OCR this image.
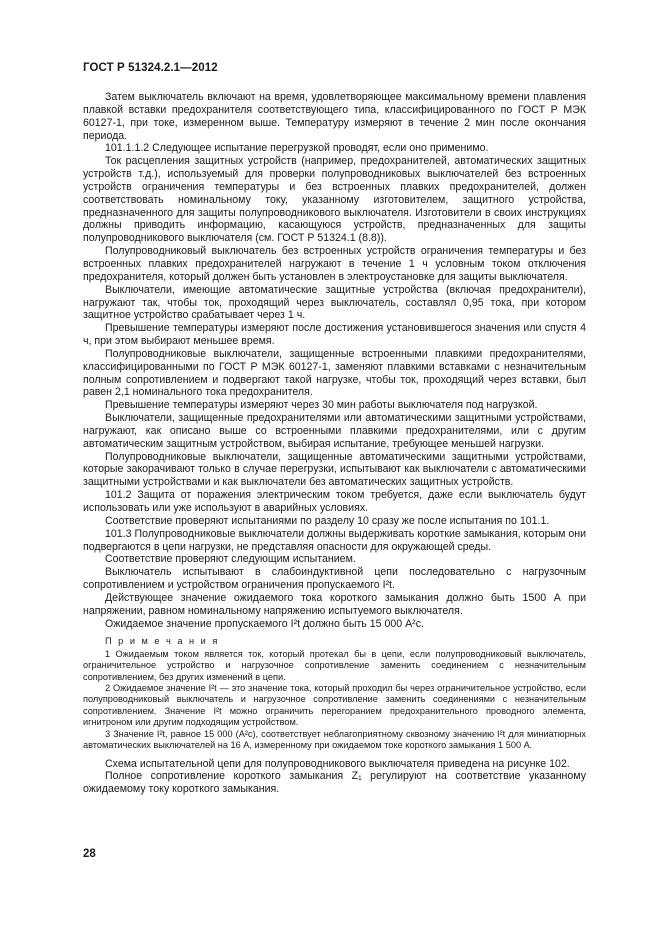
ГОСТ Р 51324.2.1—2012

Затем выключатель включают на время, удовлетворяющее максимальному времени плавления плавкой вставки предохранителя соответствующего типа, классифицированного по ГОСТ Р МЭК 60127-1, при токе, измеренном выше. Температуру измеряют в течение 2 мин после окончания периода.

101.1.1.2 Следующее испытание перегрузкой проводят, если оно применимо.

Ток расцепления защитных устройств (например, предохранителей, автоматических защитных устройств т.д.), используемый для проверки полупроводниковых выключателей без встроенных устройств ограничения температуры и без встроенных плавких предохранителей, должен соответствовать номинальному току, указанному изготовителем, защитного устройства, предназначенного для защиты полупроводникового выключателя. Изготовители в своих инструкциях должны приводить информацию, касающуюся устройств, предназначенных для защиты полупроводникового выключателя (см. ГОСТ Р 51324.1 (8.8)).

Полупроводниковый выключатель без встроенных устройств ограничения температуры и без встроенных плавких предохранителей нагружают в течение 1 ч условным током отключения предохранителя, который должен быть установлен в электроустановке для защиты выключателя.

Выключатели, имеющие автоматические защитные устройства (включая предохранители), нагружают так, чтобы ток, проходящий через выключатель, составлял 0,95 тока, при котором защитное устройство срабатывает через 1 ч.

Превышение температуры измеряют после достижения установившегося значения или спустя 4 ч, при этом выбирают меньшее время.

Полупроводниковые выключатели, защищенные встроенными плавкими предохранителями, классифицированными по ГОСТ Р МЭК 60127-1, заменяют плавкими вставками с незначительным полным сопротивлением и подвергают такой нагрузке, чтобы ток, проходящий через вставки, был равен 2,1 номинального тока предохранителя.

Превышение температуры измеряют через 30 мин работы выключателя под нагрузкой.

Выключатели, защищенные предохранителями или автоматическими защитными устройствами, нагружают, как описано выше со встроенными плавкими предохранителями, или с другим автоматическим защитным устройством, выбирая испытание, требующее меньшей нагрузки.

Полупроводниковые выключатели, защищенные автоматическими защитными устройствами, которые закорачивают только в случае перегрузки, испытывают как выключатели с автоматическими защитными устройствами и как выключатели без автоматических защитных устройств.

101.2 Защита от поражения электрическим током требуется, даже если выключатель будут использовать или уже используют в аварийных условиях.

Соответствие проверяют испытаниями по разделу 10 сразу же после испытания по 101.1.

101.3 Полупроводниковые выключатели должны выдерживать короткие замыкания, которым они подвергаются в цепи нагрузки, не представляя опасности для окружающей среды.

Соответствие проверяют следующим испытанием.

Выключатель испытывают в слабоиндуктивной цепи последовательно с нагрузочным сопротивлением и устройством ограничения пропускаемого I²t.

Действующее значение ожидаемого тока короткого замыкания должно быть 1500 А при напряжении, равном номинальному напряжению испытуемого выключателя.

Ожидаемое значение пропускаемого I²t должно быть 15 000 A²c.

П р и м е ч а н и я

1 Ожидаемым током является ток, который протекал бы в цепи, если полупроводниковый выключатель, ограничительное устройство и нагрузочное сопротивление заменить соединением с незначительным сопротивлением, без других изменений в цепи.

2 Ожидаемое значение I²t — это значение тока, который проходил бы через ограничительное устройство, если полупроводниковый выключатель и нагрузочное сопротивление заменить соединениями с незначительным сопротивлением. Значение I²t можно ограничить перегоранием предохранительного проводного элемента, игнитроном или другим подходящим устройством.

3 Значение I²t, равное 15 000 (A²c), соответствует неблагоприятному сквозному значению I²t для миниатюрных автоматических выключателей на 16 А, измеренному при ожидаемом токе короткого замыкания 1 500 А.

Схема испытательной цепи для полупроводникового выключателя приведена на рисунке 102.

Полное сопротивление короткого замыкания Z₁ регулируют на соответствие указанному ожидаемому току короткого замыкания.

28
